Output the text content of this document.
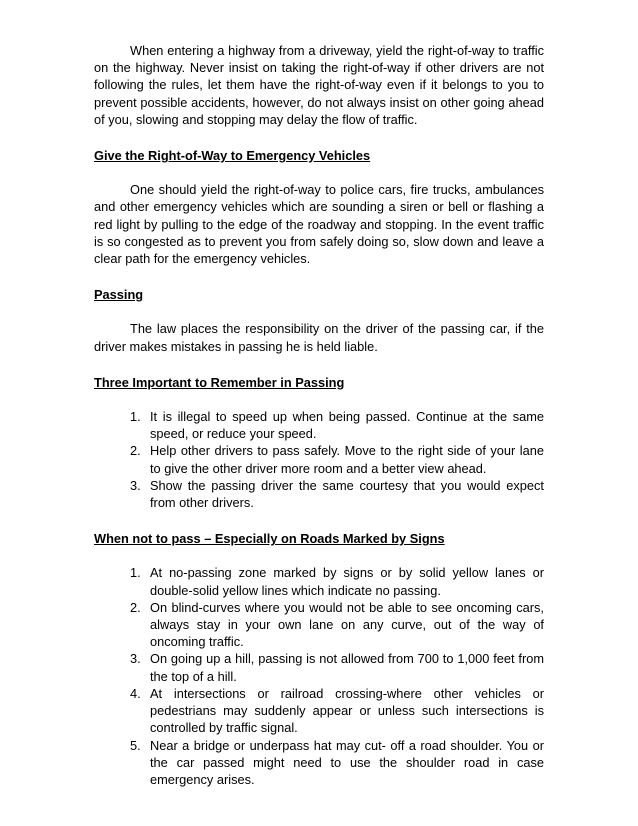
When entering a highway from a driveway, yield the right-of-way to traffic on the highway. Never insist on taking the right-of-way if other drivers are not following the rules, let them have the right-of-way even if it belongs to you to prevent possible accidents, however, do not always insist on other going ahead of you, slowing and stopping may delay the flow of traffic.

Give the Right-of-Way to Emergency Vehicles

One should yield the right-of-way to police cars, fire trucks, ambulances and other emergency vehicles which are sounding a siren or bell or flashing a red light by pulling to the edge of the roadway and stopping. In the event traffic is so congested as to prevent you from safely doing so, slow down and leave a clear path for the emergency vehicles.

Passing

The law places the responsibility on the driver of the passing car, if the driver makes mistakes in passing he is held liable.

Three Important to Remember in Passing

1. It is illegal to speed up when being passed. Continue at the same speed, or reduce your speed.
2. Help other drivers to pass safely. Move to the right side of your lane to give the other driver more room and a better view ahead.
3. Show the passing driver the same courtesy that you would expect from other drivers.

When not to pass – Especially on Roads Marked by Signs

1. At no-passing zone marked by signs or by solid yellow lanes or double-solid yellow lines which indicate no passing.
2. On blind-curves where you would not be able to see oncoming cars, always stay in your own lane on any curve, out of the way of oncoming traffic.
3. On going up a hill, passing is not allowed from 700 to 1,000 feet from the top of a hill.
4. At intersections or railroad crossing-where other vehicles or pedestrians may suddenly appear or unless such intersections is controlled by traffic signal.
5. Near a bridge or underpass hat may cut- off a road shoulder. You or the car passed might need to use the shoulder road in case emergency arises.
